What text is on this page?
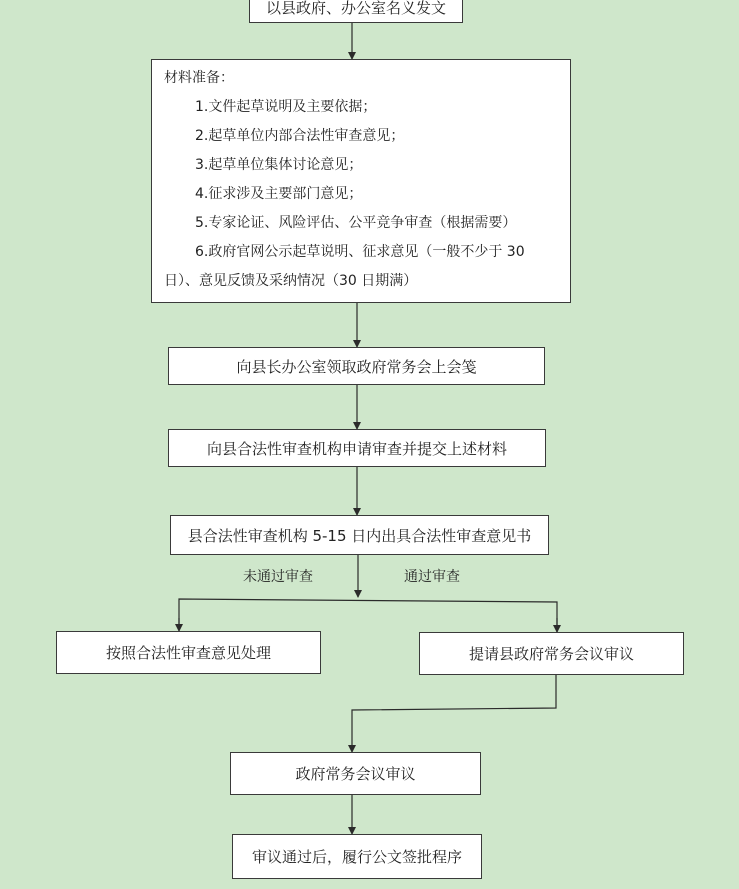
以县政府、办公室名义发文
材料准备：
1.文件起草说明及主要依据；
2.起草单位内部合法性审查意见；
3.起草单位集体讨论意见；
4.征求涉及主要部门意见；
5.专家论证、风险评估、公平竞争审查（根据需要）
6.政府官网公示起草说明、征求意见（一般不少于 30
日）、意见反馈及采纳情况（30 日期满）
向县长办公室领取政府常务会上会笺
向县合法性审查机构申请审查并提交上述材料
县合法性审查机构 5-15 日内出具合法性审查意见书
未通过审查	通过审查
按照合法性审查意见处理	提请县政府常务会议审议
政府常务会议审议
审议通过后，履行公文签批程序
